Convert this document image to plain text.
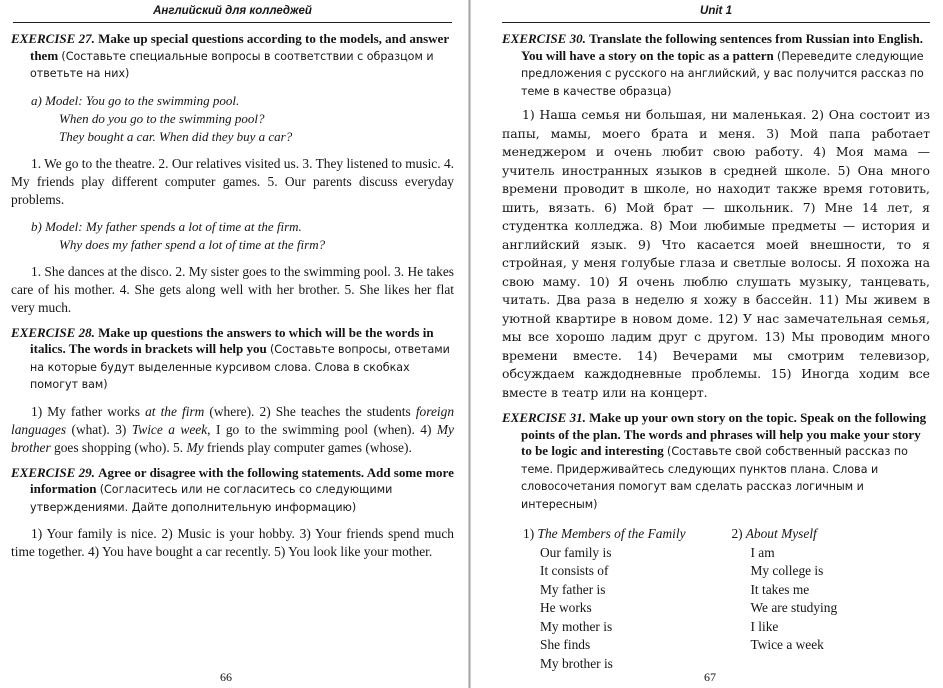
Английский для колледжей

EXERCISE 27. Make up special questions according to the models, and answer them (Составьте специальные вопросы в соответствии с образцом и ответьте на них)

a) Model: You go to the swimming pool.
When do you go to the swimming pool?
They bought a car. When did they buy a car?

1. We go to the theatre. 2. Our relatives visited us. 3. They listened to music. 4. My friends play different computer games. 5. Our parents discuss everyday problems.

b) Model: My father spends a lot of time at the firm.
Why does my father spend a lot of time at the firm?

1. She dances at the disco. 2. My sister goes to the swimming pool. 3. He takes care of his mother. 4. She gets along well with her brother. 5. She likes her flat very much.

EXERCISE 28. Make up questions the answers to which will be the words in italics. The words in brackets will help you (Составьте вопросы, ответами на которые будут выделенные курсивом слова. Слова в скобках помогут вам)

1) My father works at the firm (where). 2) She teaches the students foreign languages (what). 3) Twice a week, I go to the swimming pool (when). 4) My brother goes shopping (who). 5. My friends play computer games (whose).

EXERCISE 29. Agree or disagree with the following statements. Add some more information (Согласитесь или не согласитесь со следующими утверждениями. Дайте дополнительную информацию)

1) Your family is nice. 2) Music is your hobby. 3) Your friends spend much time together. 4) You have bought a car recently. 5) You look like your mother.

66
Unit 1

EXERCISE 30. Translate the following sentences from Russian into English. You will have a story on the topic as a pattern (Переведите следующие предложения с русского на английский, у вас получится рассказ по теме в качестве образца)

1) Наша семья ни большая, ни маленькая. 2) Она состоит из папы, мамы, моего брата и меня. 3) Мой папа работает менеджером и очень любит свою работу. 4) Моя мама — учитель иностранных языков в средней школе. 5) Она много времени проводит в школе, но находит также время готовить, шить, вязать. 6) Мой брат — школьник. 7) Мне 14 лет, я студентка колледжа. 8) Мои любимые предметы — история и английский язык. 9) Что касается моей внешности, то я стройная, у меня голубые глаза и светлые волосы. Я похожа на свою маму. 10) Я очень люблю слушать музыку, танцевать, читать. Два раза в неделю я хожу в бассейн. 11) Мы живем в уютной квартире в новом доме. 12) У нас замечательная семья, мы все хорошо ладим друг с другом. 13) Мы проводим много времени вместе. 14) Вечерами мы смотрим телевизор, обсуждаем каждодневные проблемы. 15) Иногда ходим все вместе в театр или на концерт.

EXERCISE 31. Make up your own story on the topic. Speak on the following points of the plan. The words and phrases will help you make your story to be logic and interesting (Составьте свой собственный рассказ по теме. Придерживайтесь следующих пунктов плана. Слова и словосочетания помогут вам сделать рассказ логичным и интересным)

1) The Members of the Family
Our family is
It consists of
My father is
He works
My mother is
She finds
My brother is
2) About Myself
I am
My college is
It takes me
We are studying
I like
Twice a week
67
